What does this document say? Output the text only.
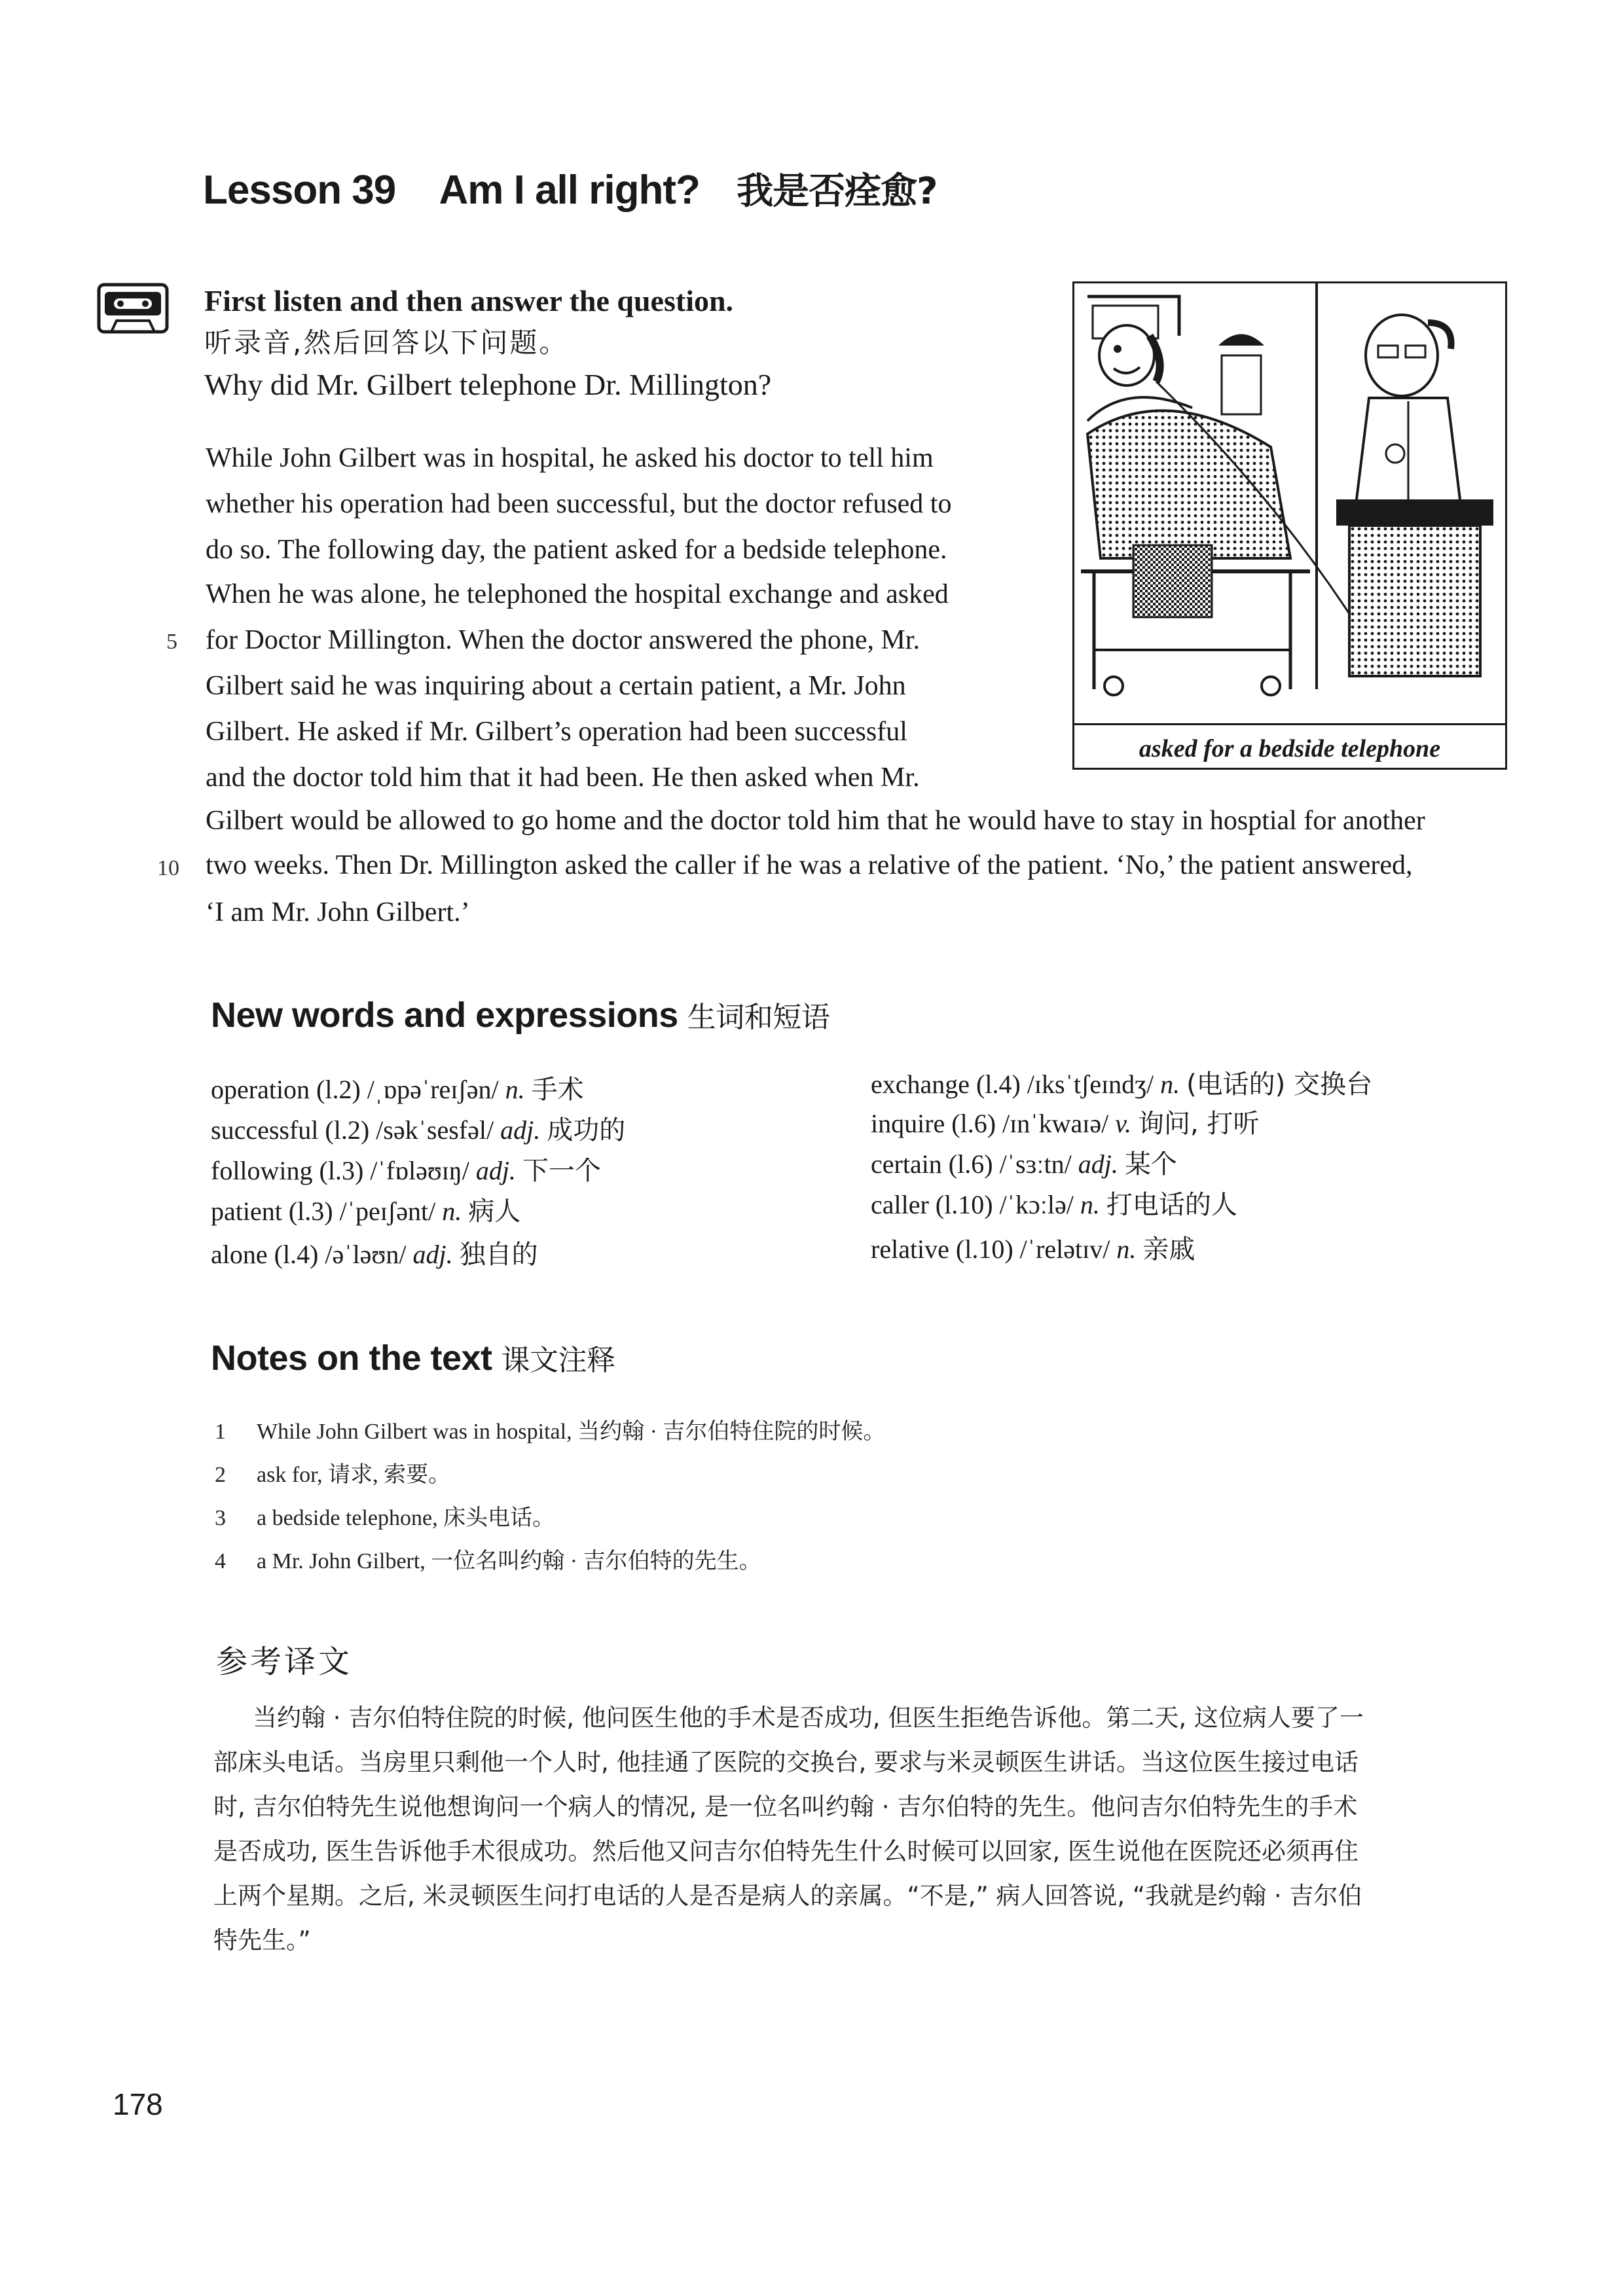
Lesson 39 Am I all right? 我是否痊愈?
First listen and then answer the question.
听录音,然后回答以下问题。
Why did Mr. Gilbert telephone Dr. Millington?
While John Gilbert was in hospital, he asked his doctor to tell him
whether his operation had been successful, but the doctor refused to
do so. The following day, the patient asked for a bedside telephone.
When he was alone, he telephoned the hospital exchange and asked
for Doctor Millington. When the doctor answered the phone, Mr.
Gilbert said he was inquiring about a certain patient, a Mr. John
Gilbert. He asked if Mr. Gilbert’s operation had been successful
and the doctor told him that it had been. He then asked when Mr.
Gilbert would be allowed to go home and the doctor told him that he would have to stay in hosptial for another
two weeks. Then Dr. Millington asked the caller if he was a relative of the patient. ‘No,’ the patient answered,
‘I am Mr. John Gilbert.’
5
10
asked for a bedside telephone
New words and expressions 生词和短语
operation (l.2) /ˌɒpəˈreɪʃən/ n. 手术
successful (l.2) /səkˈsesfəl/ adj. 成功的
following (l.3) /ˈfɒləʊɪŋ/ adj. 下一个
patient (l.3) /ˈpeɪʃənt/ n. 病人
alone (l.4) /əˈləʊn/ adj. 独自的
exchange (l.4) /ɪksˈtʃeɪndʒ/ n. (电话的) 交换台
inquire (l.6) /ɪnˈkwaɪə/ v. 询问, 打听
certain (l.6) /ˈsɜːtn/ adj. 某个
caller (l.10) /ˈkɔːlə/ n. 打电话的人
relative (l.10) /ˈrelətɪv/ n. 亲戚
Notes on the text 课文注释
1 While John Gilbert was in hospital, 当约翰 · 吉尔伯特住院的时候。
2 ask for, 请求, 索要。
3 a bedside telephone, 床头电话。
4 a Mr. John Gilbert, 一位名叫约翰 · 吉尔伯特的先生。
参考译文
当约翰 · 吉尔伯特住院的时候, 他问医生他的手术是否成功, 但医生拒绝告诉他。第二天, 这位病人要了一
部床头电话。当房里只剩他一个人时, 他挂通了医院的交换台, 要求与米灵顿医生讲话。当这位医生接过电话
时, 吉尔伯特先生说他想询问一个病人的情况, 是一位名叫约翰 · 吉尔伯特的先生。他问吉尔伯特先生的手术
是否成功, 医生告诉他手术很成功。然后他又问吉尔伯特先生什么时候可以回家, 医生说他在医院还必须再住
上两个星期。之后, 米灵顿医生问打电话的人是否是病人的亲属。“不是,” 病人回答说, “我就是约翰 · 吉尔伯
特先生。”
178
